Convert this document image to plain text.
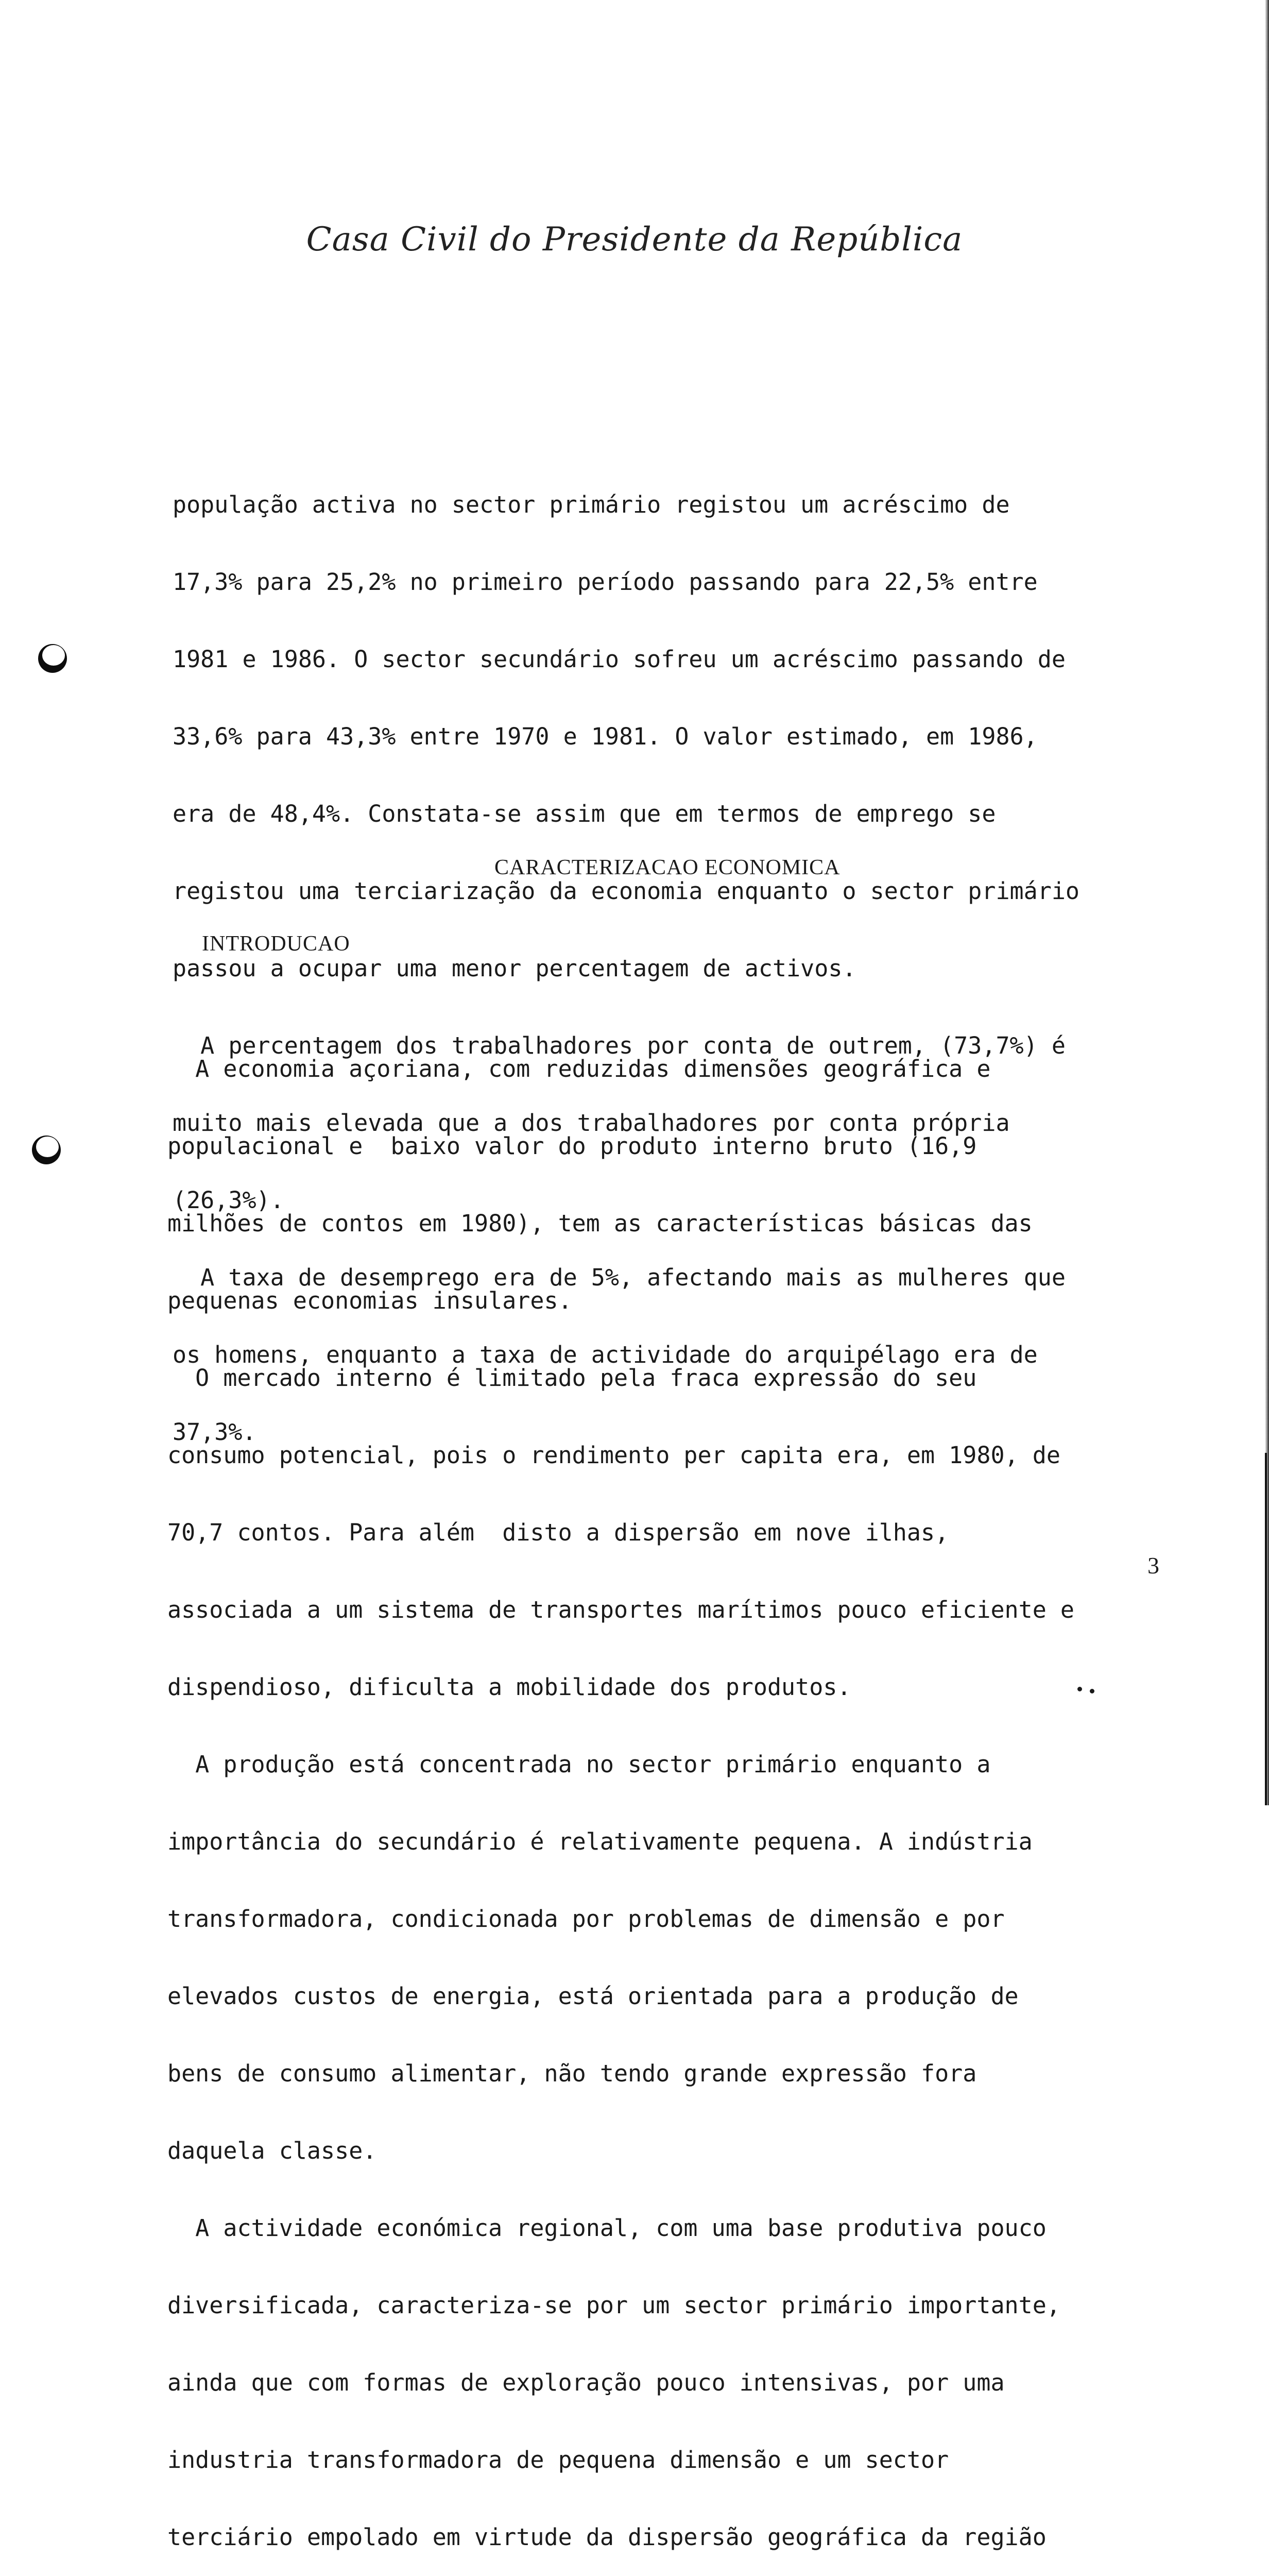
Casa Civil do Presidente da República

população activa no sector primário registou um acréscimo de

17,3% para 25,2% no primeiro período passando para 22,5% entre

1981 e 1986. O sector secundário sofreu um acréscimo passando de

33,6% para 43,3% entre 1970 e 1981. O valor estimado, em 1986,

era de 48,4%. Constata-se assim que em termos de emprego se

registou uma terciarização da economia enquanto o sector primário

passou a ocupar uma menor percentagem de activos.

A percentagem dos trabalhadores por conta de outrem, (73,7%) é

muito mais elevada que a dos trabalhadores por conta própria

(26,3%).

A taxa de desemprego era de 5%, afectando mais as mulheres que

os homens, enquanto a taxa de actividade do arquipélago era de

37,3%.

CARACTERIZACAO ECONOMICA
INTRODUCAO

A economia açoriana, com reduzidas dimensões geográfica e

populacional e  baixo valor do produto interno bruto (16,9

milhões de contos em 1980), tem as características básicas das

pequenas economias insulares.

O mercado interno é limitado pela fraca expressão do seu

consumo potencial, pois o rendimento per capita era, em 1980, de

70,7 contos. Para além  disto a dispersão em nove ilhas,

associada a um sistema de transportes marítimos pouco eficiente e

dispendioso, dificulta a mobilidade dos produtos.

A produção está concentrada no sector primário enquanto a

importância do secundário é relativamente pequena. A indústria

transformadora, condicionada por problemas de dimensão e por

elevados custos de energia, está orientada para a produção de

bens de consumo alimentar, não tendo grande expressão fora

daquela classe.

A actividade económica regional, com uma base produtiva pouco

diversificada, caracteriza-se por um sector primário importante,

ainda que com formas de exploração pouco intensivas, por uma

industria transformadora de pequena dimensão e um sector

terciário empolado em virtude da dispersão geográfica da região

3
